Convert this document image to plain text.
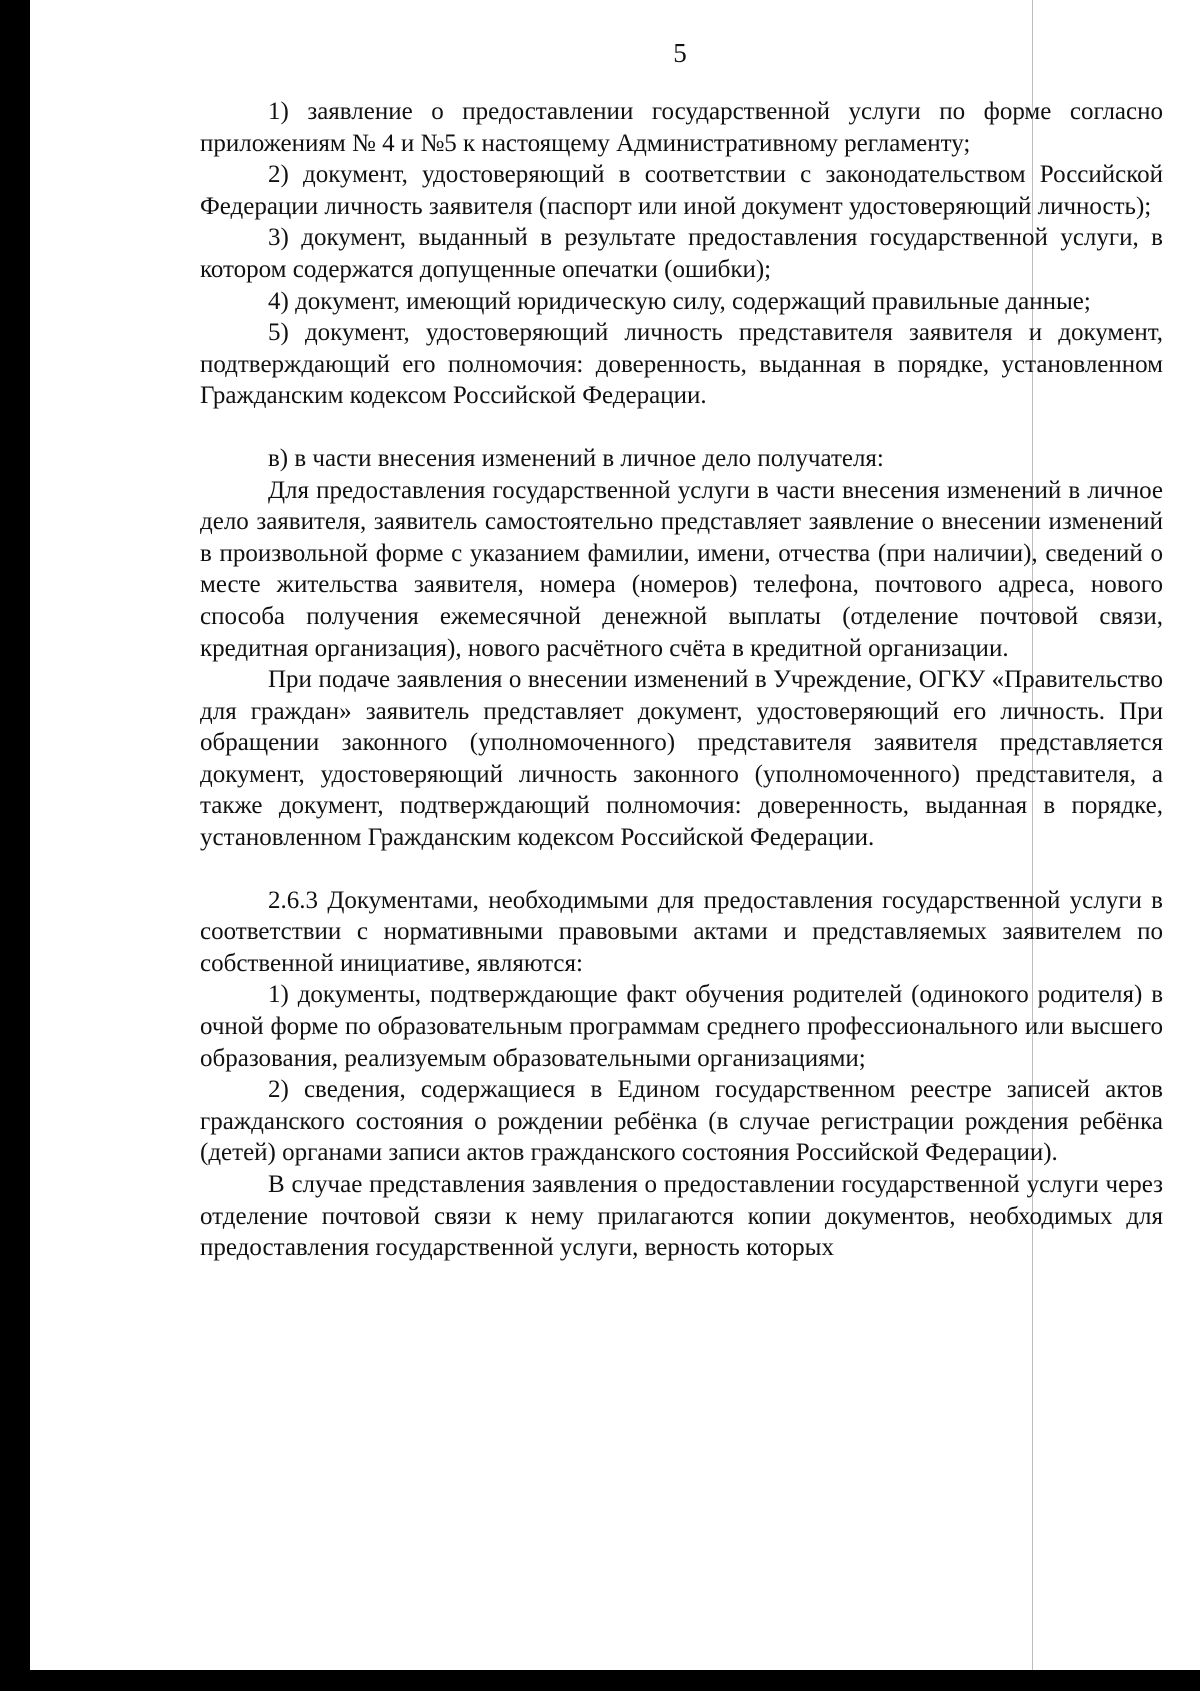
5

1) заявление о предоставлении государственной услуги по форме согласно приложениям № 4 и №5 к настоящему Административному регламенту;

2) документ, удостоверяющий в соответствии с законодательством Российской Федерации личность заявителя (паспорт или иной документ удостоверяющий личность);

3) документ, выданный в результате предоставления государственной услуги, в котором содержатся допущенные опечатки (ошибки);

4) документ, имеющий юридическую силу, содержащий правильные данные;

5) документ, удостоверяющий личность представителя заявителя и документ, подтверждающий его полномочия: доверенность, выданная в порядке, установленном Гражданским кодексом Российской Федерации.

в) в части внесения изменений в личное дело получателя:

Для предоставления государственной услуги в части внесения изменений в личное дело заявителя, заявитель самостоятельно представляет заявление о внесении изменений в произвольной форме с указанием фамилии, имени, отчества (при наличии), сведений о месте жительства заявителя, номера (номеров) телефона, почтового адреса, нового способа получения ежемесячной денежной выплаты (отделение почтовой связи, кредитная организация), нового расчётного счёта в кредитной организации.

При подаче заявления о внесении изменений в Учреждение, ОГКУ «Правительство для граждан» заявитель представляет документ, удостоверяющий его личность. При обращении законного (уполномоченного) представителя заявителя представляется документ, удостоверяющий личность законного (уполномоченного) представителя, а также документ, подтверждающий полномочия: доверенность, выданная в порядке, установленном Гражданским кодексом Российской Федерации.

2.6.3 Документами, необходимыми для предоставления государственной услуги в соответствии с нормативными правовыми актами и представляемых заявителем по собственной инициативе, являются:

1) документы, подтверждающие факт обучения родителей (одинокого родителя) в очной форме по образовательным программам среднего профессионального или высшего образования, реализуемым образовательными организациями;

2) сведения, содержащиеся в Едином государственном реестре записей актов гражданского состояния о рождении ребёнка (в случае регистрации рождения ребёнка (детей) органами записи актов гражданского состояния Российской Федерации).

В случае представления заявления о предоставлении государственной услуги через отделение почтовой связи к нему прилагаются копии документов, необходимых для предоставления государственной услуги, верность которых
